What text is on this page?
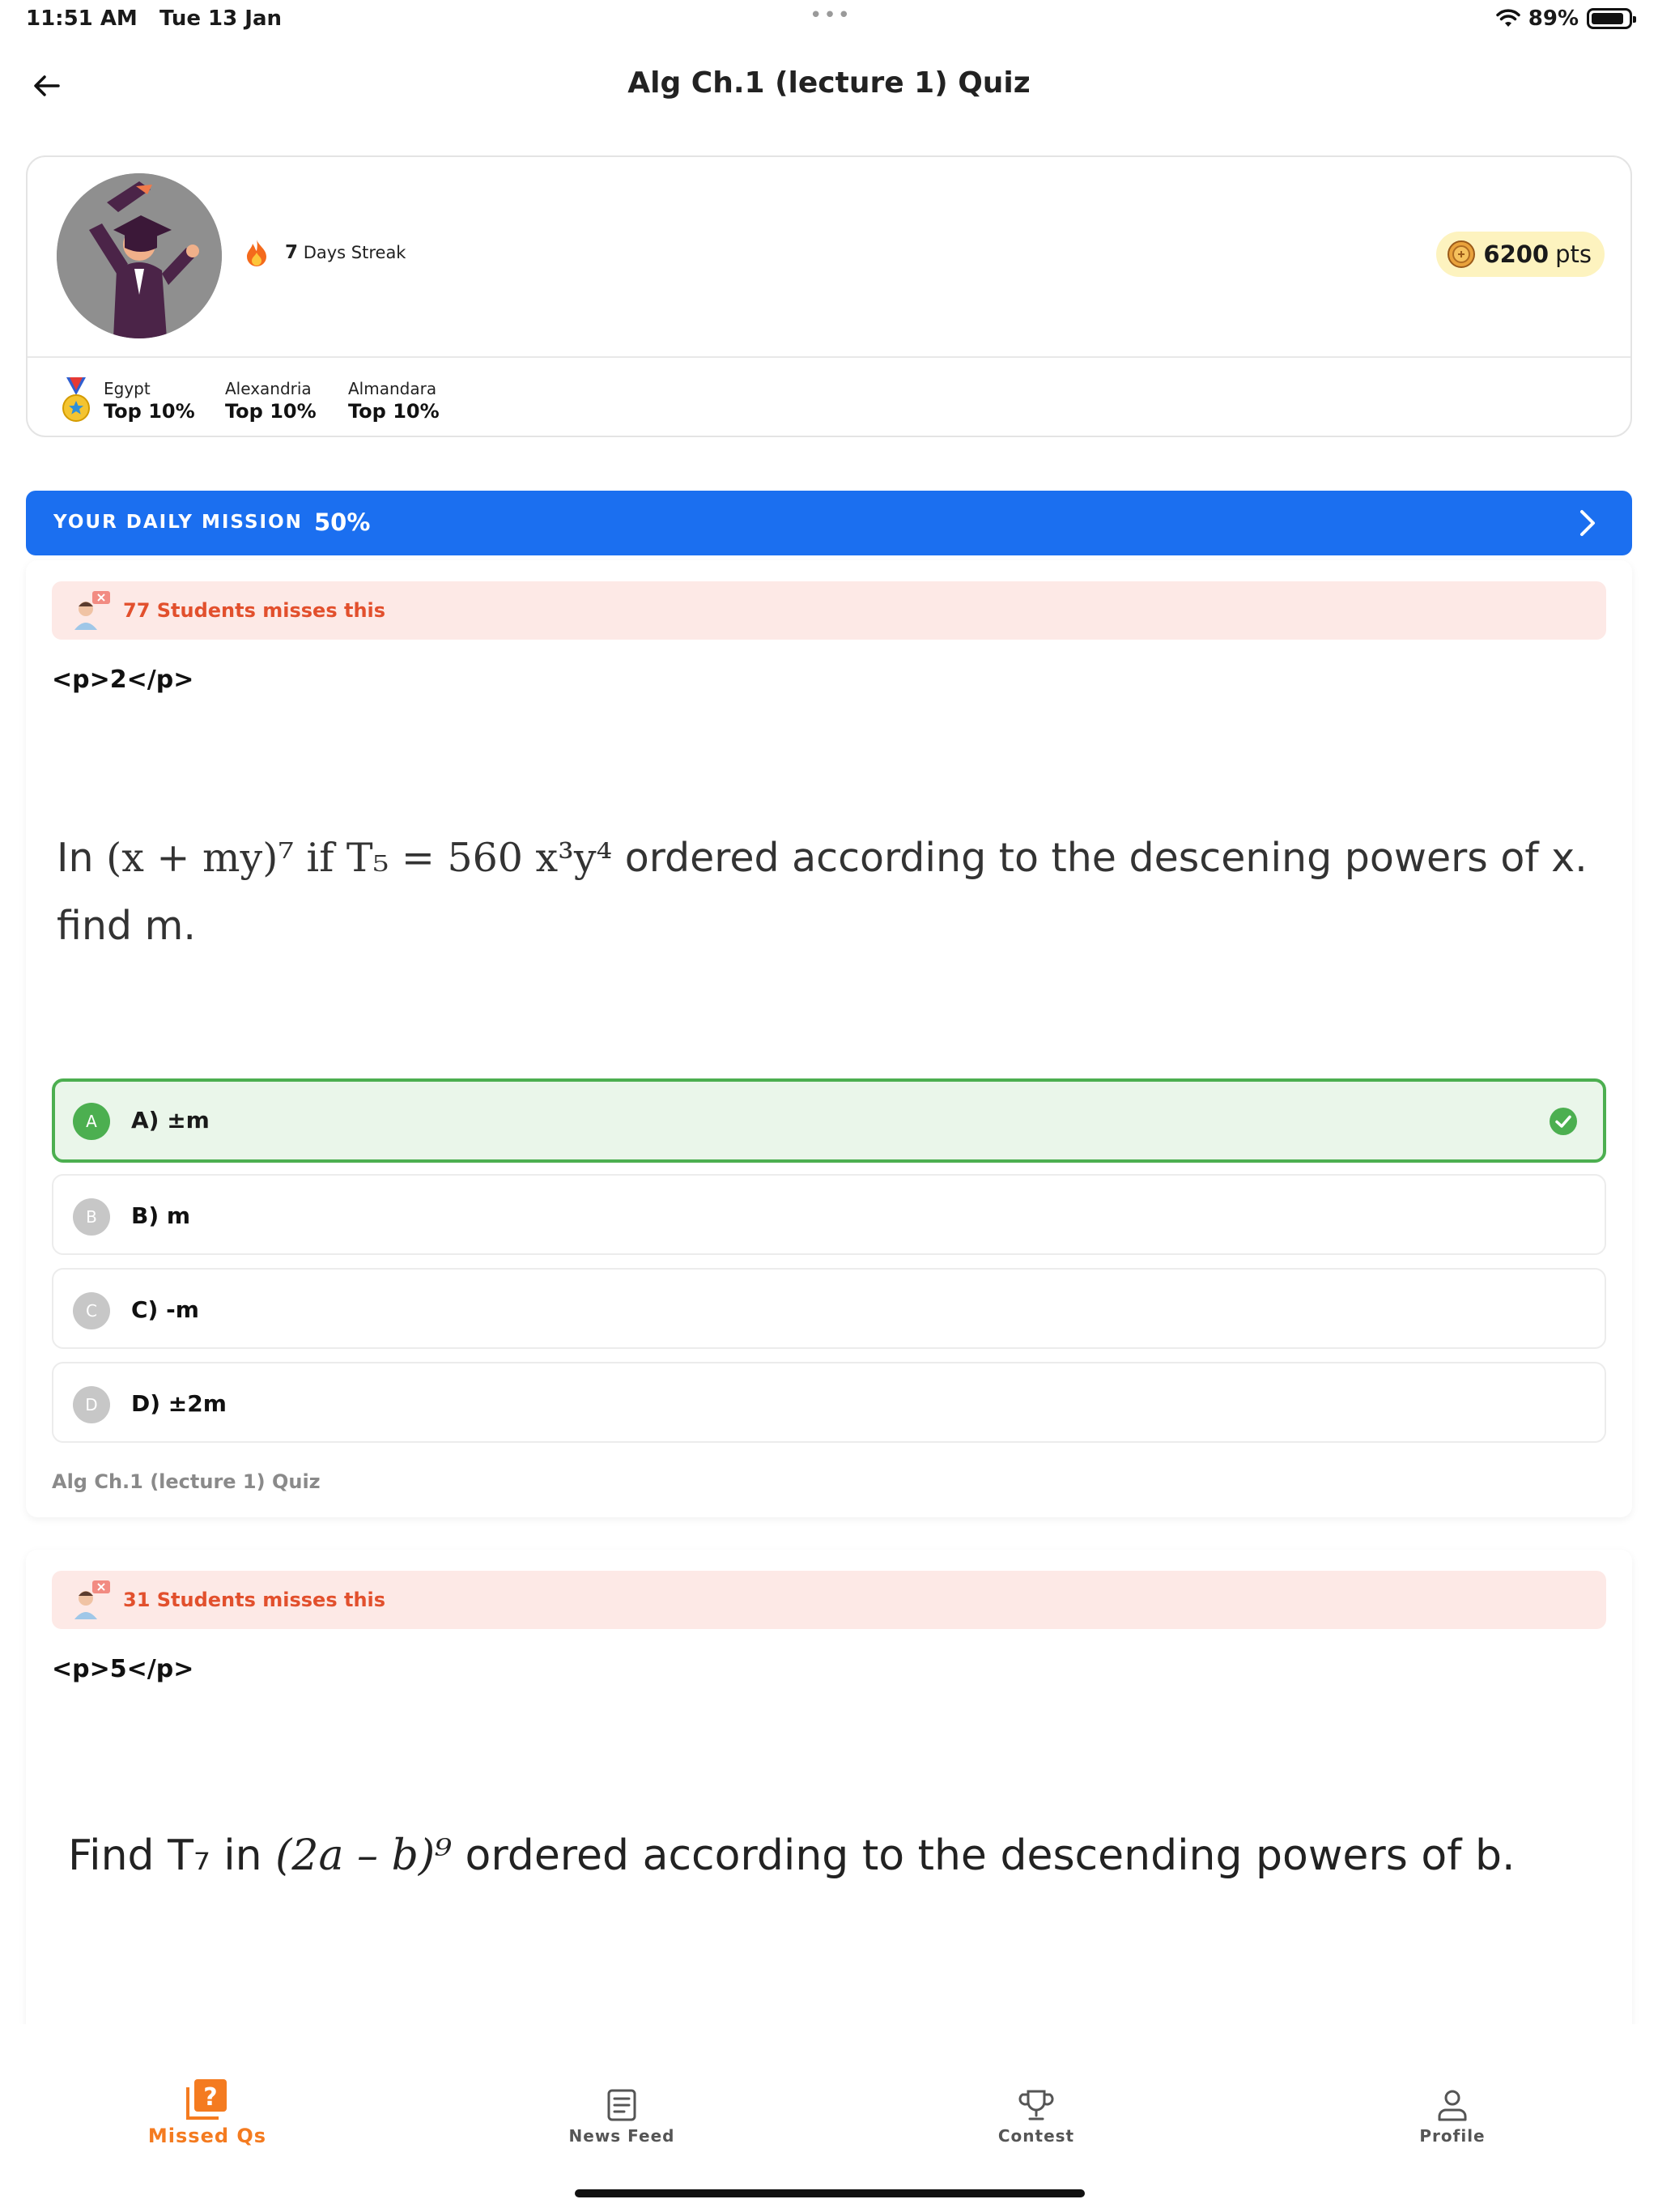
11:51 AM Tue 13 Jan	•••	89%
Alg Ch.1 (lecture 1) Quiz
7 Days Streak	6200 pts
Egypt
Top 10%
Alexandria
Top 10%
Almandara
Top 10%
YOUR DAILY MISSION 50%
77 Students misses this
<p>2</p>
In (x + my)⁷ if T₅ = 560 x³y⁴ ordered according to the descening powers of x.
find m.
A	A) ±m
B	B) m
C	C) -m
D	D) ±2m
Alg Ch.1 (lecture 1) Quiz
31 Students misses this
<p>5</p>
Find T₇ in (2a – b)⁹ ordered according to the descending powers of b.
?
Missed Qs	News Feed	Contest	Profile
